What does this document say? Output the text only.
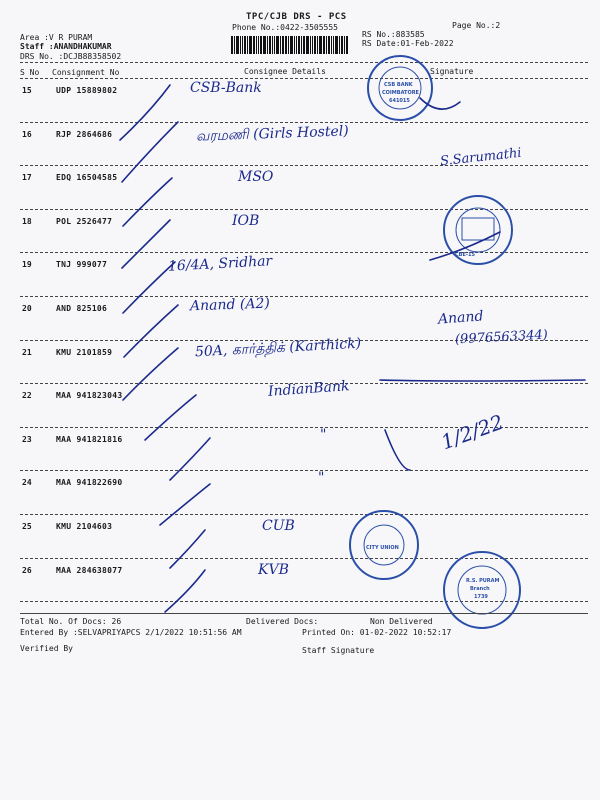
TPC/CJB DRS - PCS
Phone No.:0422-3505555	Page No.:2
Area :V R PURAM
Staff :ANANDHAKUMAR
DRS No. :DCJB88358502
RS No.:883585
RS Date:01-Feb-2022
S No Consignment No	Consignee Details	Signature
15	UDP 15889802	CSB-Bank
16	RJP 2864686	வரமணி (Girls Hostel)
17	EDQ 16504585	MSO
18	POL 2526477	IOB
19	TNJ 999077	16/4A, Sridhar
20	AND 825106	Anand (A2)
21	KMU 2101859	50A, கார்த்திக் (Karthick)
22	MAA 941823043	IndianBank
23	MAA 941821816	"
24	MAA 941822690	"
25	KMU 2104603	CUB
26	MAA 284638077	KVB
S.Sarumathi
Anand
(9976563344)
1/2/22
CSB BANK
COIMBATORE
641015
CBE-15
CITY UNION
R.S. PURAM
Branch
1739
Total No. Of Docs: 26	Delivered Docs:	Non Delivered
Entered By :SELVAPRIYAPCS 2/1/2022 10:51:56 AM	Printed On: 01-02-2022 10:52:17
Verified By	Staff Signature
